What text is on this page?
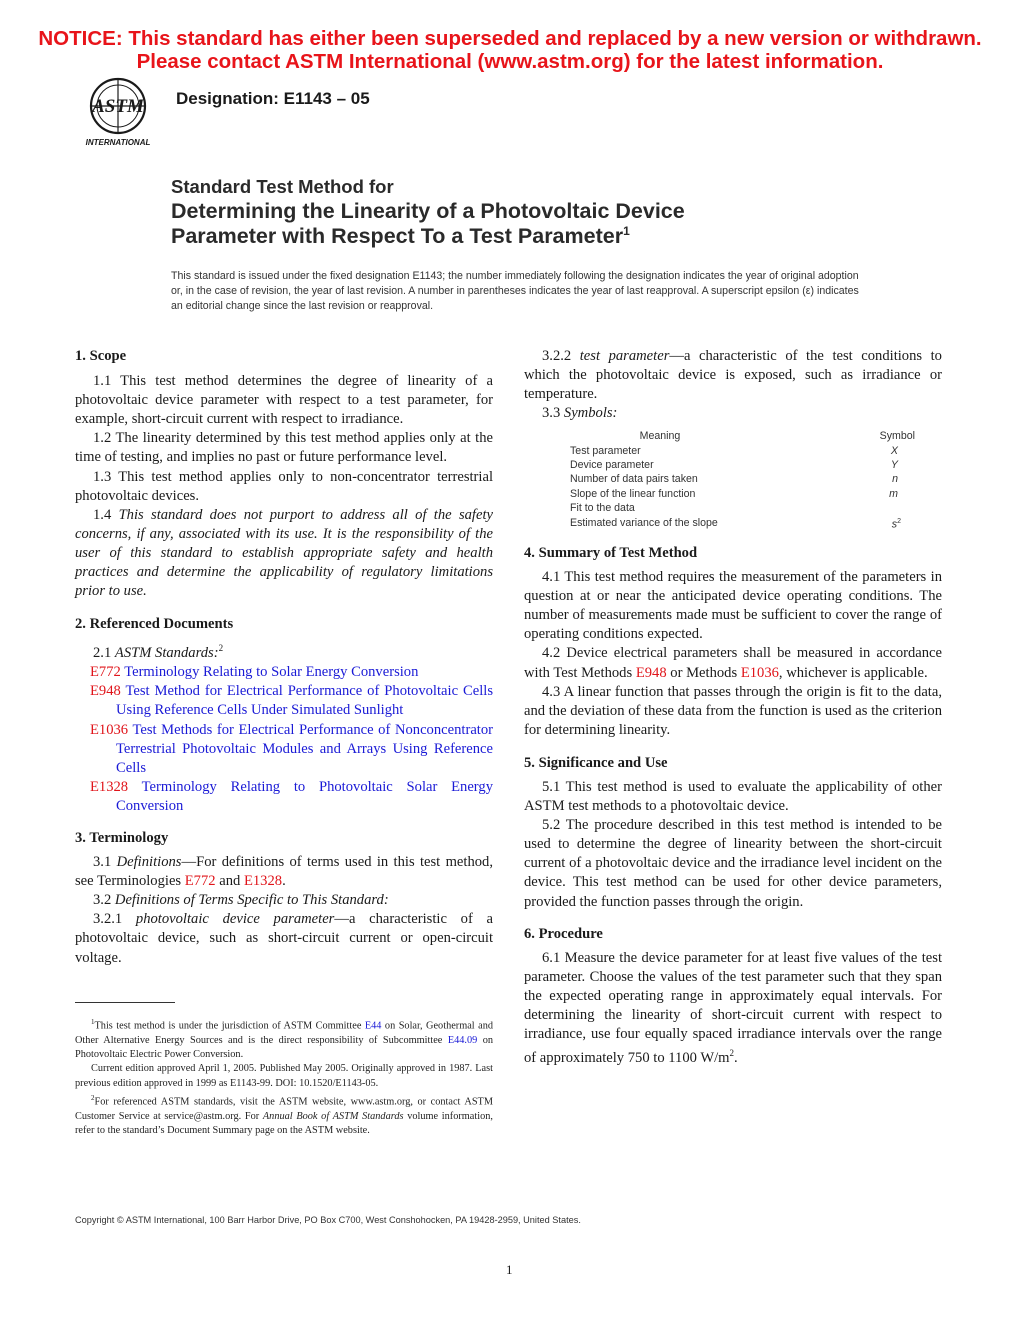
NOTICE: This standard has either been superseded and replaced by a new version or withdrawn.
Please contact ASTM International (www.astm.org) for the latest information.
ASTM
INTERNATIONAL
Designation: E1143 – 05
Standard Test Method for
Determining the Linearity of a Photovoltaic Device
Parameter with Respect To a Test Parameter$^1$
This standard is issued under the fixed designation E1143; the number immediately following the designation indicates the year of original adoption or, in the case of revision, the year of last revision. A number in parentheses indicates the year of last reapproval. A superscript epsilon (ε) indicates an editorial change since the last revision or reapproval.
1. Scope
1.1 This test method determines the degree of linearity of a photovoltaic device parameter with respect to a test parameter, for example, short-circuit current with respect to irradiance.
1.2 The linearity determined by this test method applies only at the time of testing, and implies no past or future performance level.
1.3 This test method applies only to non-concentrator terrestrial photovoltaic devices.
1.4 This standard does not purport to address all of the safety concerns, if any, associated with its use. It is the responsibility of the user of this standard to establish appropriate safety and health practices and determine the applicability of regulatory limitations prior to use.
2. Referenced Documents
2.1 ASTM Standards:$^2$
E772 Terminology Relating to Solar Energy Conversion
E948 Test Method for Electrical Performance of Photovoltaic Cells Using Reference Cells Under Simulated Sunlight
E1036 Test Methods for Electrical Performance of Nonconcentrator Terrestrial Photovoltaic Modules and Arrays Using Reference Cells
E1328 Terminology Relating to Photovoltaic Solar Energy Conversion
3. Terminology
3.1 Definitions—For definitions of terms used in this test method, see Terminologies E772 and E1328.
3.2 Definitions of Terms Specific to This Standard:
3.2.1 photovoltaic device parameter—a characteristic of a photovoltaic device, such as short-circuit current or open-circuit voltage.
$^1$This test method is under the jurisdiction of ASTM Committee E44 on Solar, Geothermal and Other Alternative Energy Sources and is the direct responsibility of Subcommittee E44.09 on Photovoltaic Electric Power Conversion.
Current edition approved April 1, 2005. Published May 2005. Originally approved in 1987. Last previous edition approved in 1999 as E1143-99. DOI: 10.1520/E1143-05.
$^2$For referenced ASTM standards, visit the ASTM website, www.astm.org, or contact ASTM Customer Service at service@astm.org. For Annual Book of ASTM Standards volume information, refer to the standard’s Document Summary page on the ASTM website.
3.2.2 test parameter—a characteristic of the test conditions to which the photovoltaic device is exposed, such as irradiance or temperature.
3.3 Symbols:
Meaning	Symbol
Test parameter	X
Device parameter	Y
Number of data pairs taken	n
Slope of the linear function	m
Fit to the data	
Estimated variance of the slope	$s^2$
4. Summary of Test Method
4.1 This test method requires the measurement of the parameters in question at or near the anticipated device operating conditions. The number of measurements made must be sufficient to cover the range of operating conditions expected.
4.2 Device electrical parameters shall be measured in accordance with Test Methods E948 or Methods E1036, whichever is applicable.
4.3 A linear function that passes through the origin is fit to the data, and the deviation of these data from the function is used as the criterion for determining linearity.
5. Significance and Use
5.1 This test method is used to evaluate the applicability of other ASTM test methods to a photovoltaic device.
5.2 The procedure described in this test method is intended to be used to determine the degree of linearity between the short-circuit current of a photovoltaic device and the irradiance level incident on the device. This test method can be used for other device parameters, provided the function passes through the origin.
6. Procedure
6.1 Measure the device parameter for at least five values of the test parameter. Choose the values of the test parameter such that they span the expected operating range in approximately equal intervals. For determining the linearity of short-circuit current with respect to irradiance, use four equally spaced irradiance intervals over the range of approximately 750 to 1100 $W/m^2$.
Copyright © ASTM International, 100 Barr Harbor Drive, PO Box C700, West Conshohocken, PA 19428-2959, United States.
1
